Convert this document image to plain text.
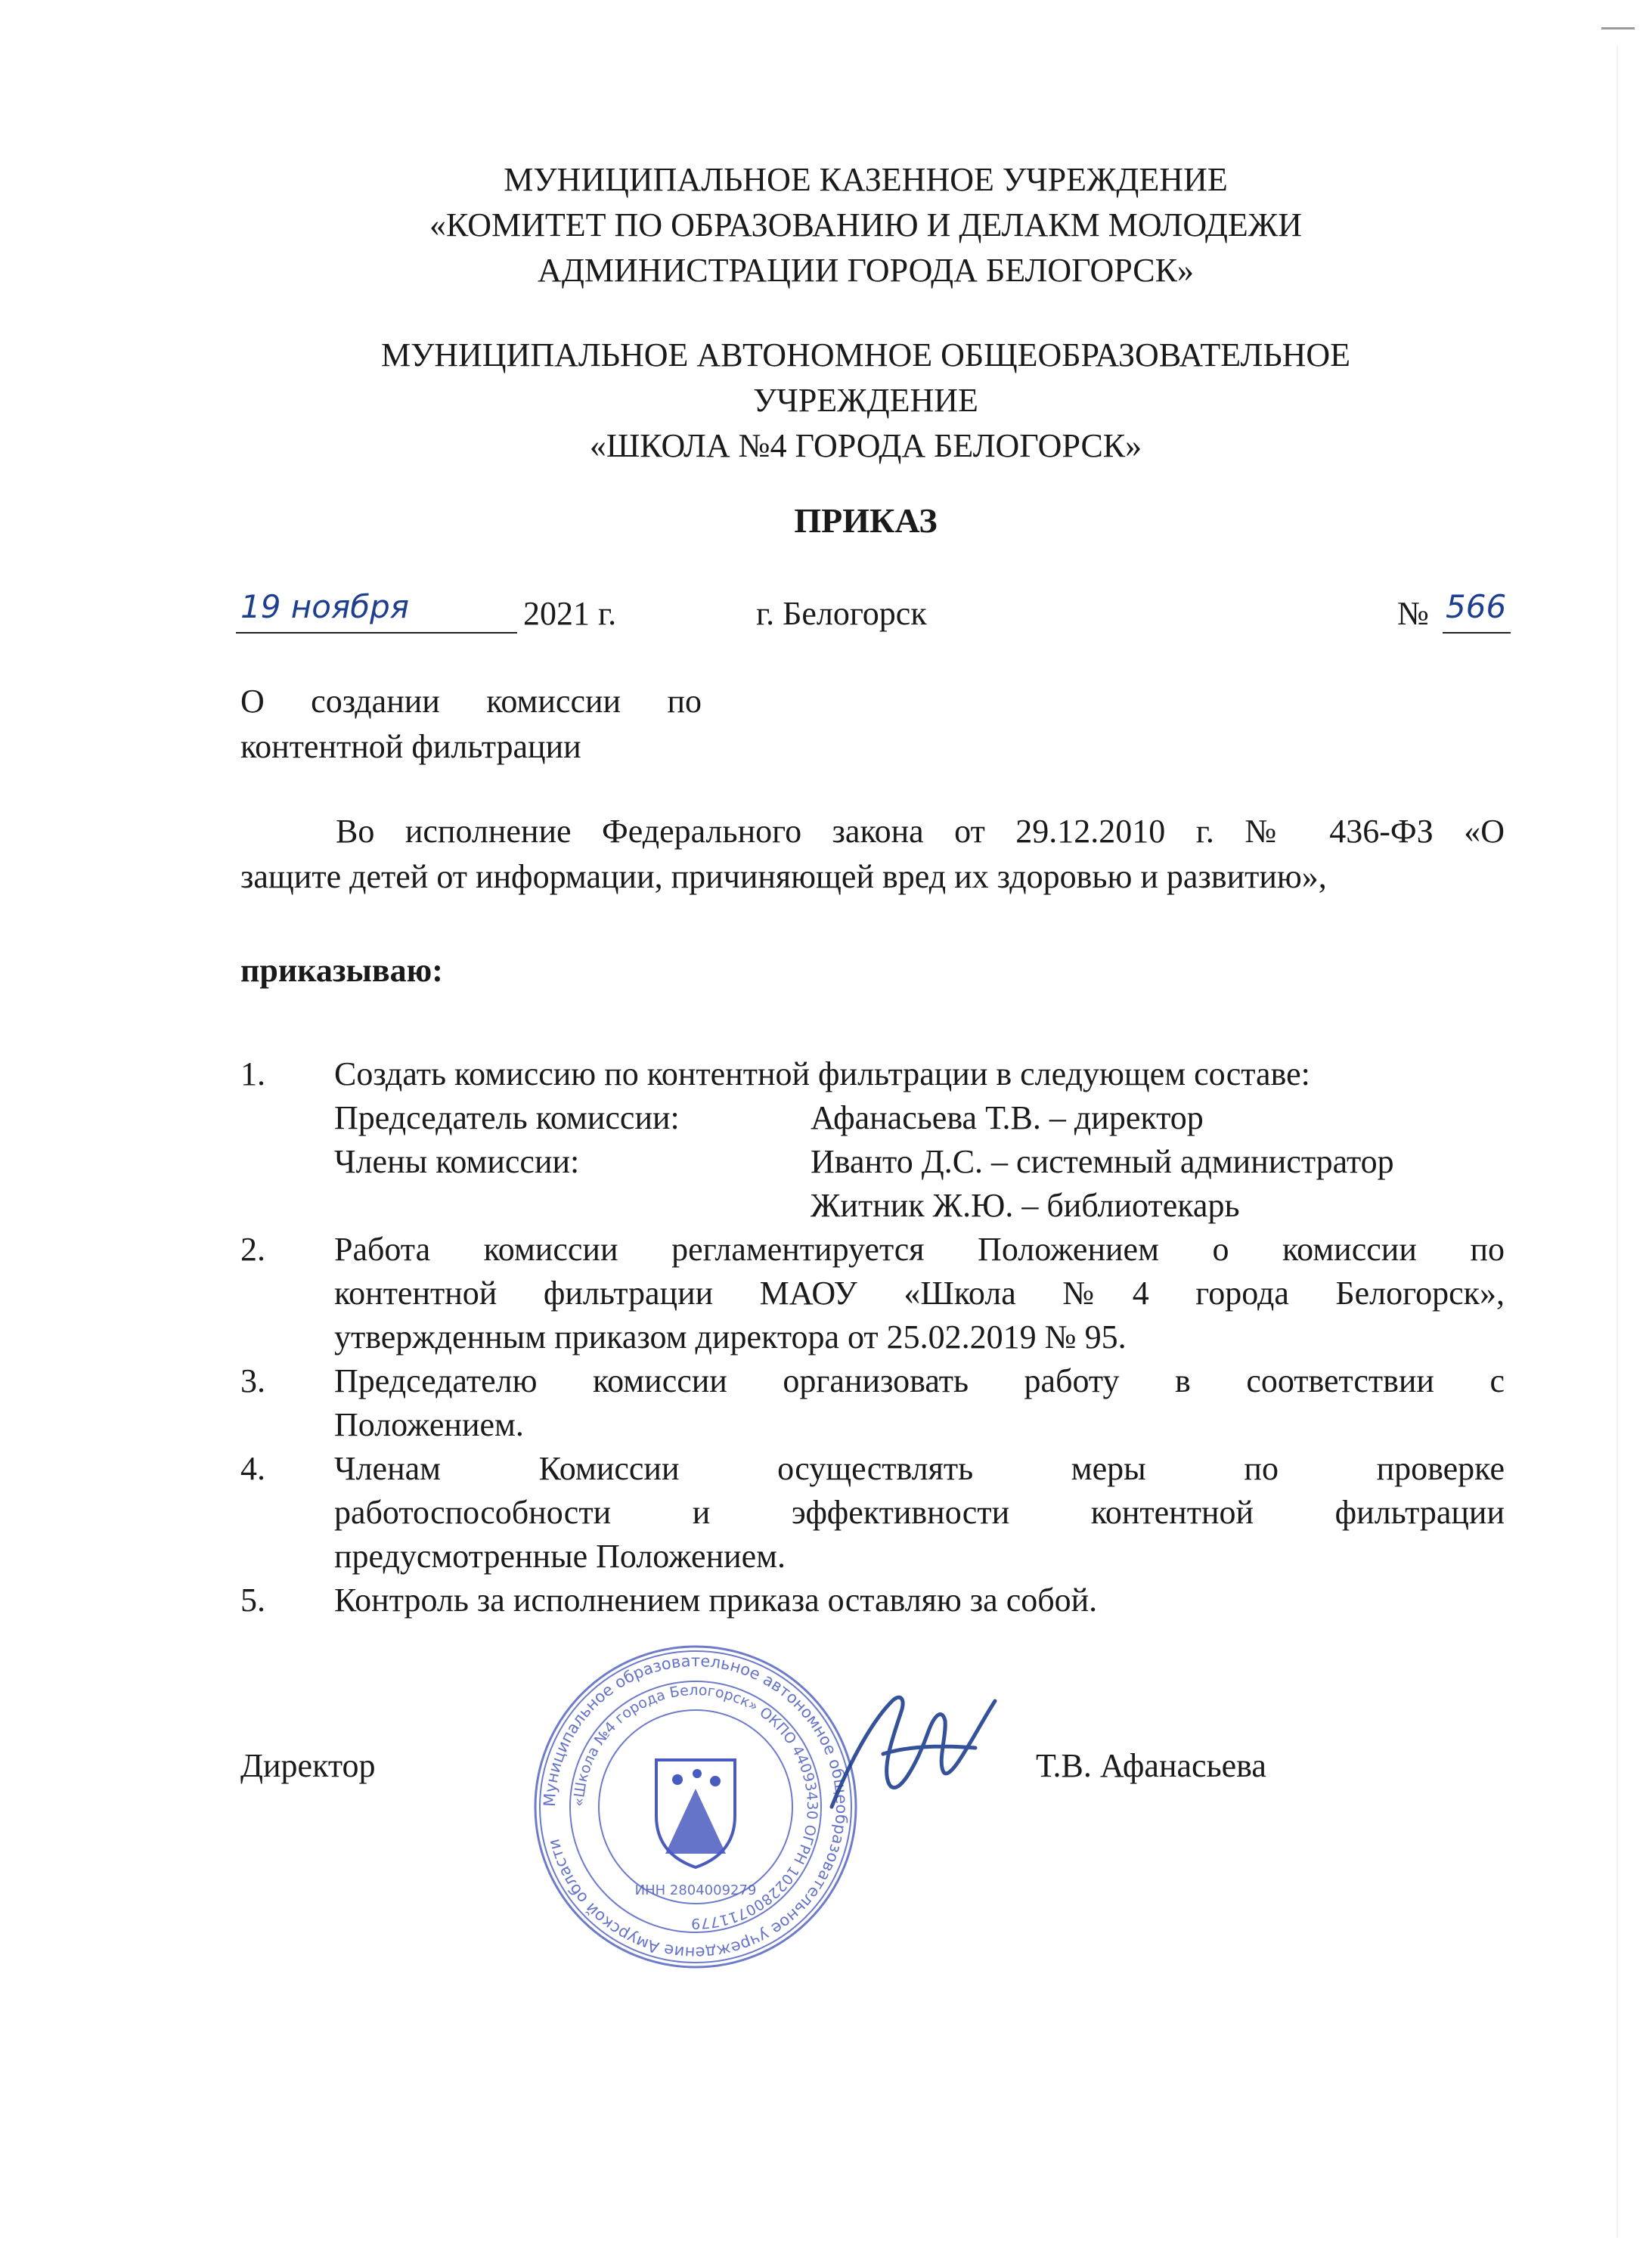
МУНИЦИПАЛЬНОЕ КАЗЕННОЕ УЧРЕЖДЕНИЕ
«КОМИТЕТ ПО ОБРАЗОВАНИЮ И ДЕЛАКМ МОЛОДЕЖИ
АДМИНИСТРАЦИИ ГОРОДА БЕЛОГОРСК»
МУНИЦИПАЛЬНОЕ АВТОНОМНОЕ ОБЩЕОБРАЗОВАТЕЛЬНОЕ
УЧРЕЖДЕНИЕ
«ШКОЛА №4 ГОРОДА БЕЛОГОРСК»
ПРИКАЗ
19 ноября	2021 г.	г. Белогорск	№ 566
О создании комиссии по
контентной фильтрации
Во исполнение Федерального закона от 29.12.2010 г. № 436-ФЗ «О
защите детей от информации, причиняющей вред их здоровью и развитию»,
приказываю:
1. Создать комиссию по контентной фильтрации в следующем составе:
Председатель комиссии:	Афанасьева Т.В. – директор
Члены комиссии:	Иванто Д.С. – системный администратор
Житник Ж.Ю. – библиотекарь
2. Работа комиссии регламентируется Положением о комиссии по
контентной фильтрации МАОУ «Школа №4 города Белогорск»,
утвержденным приказом директора от 25.02.2019 № 95.
3. Председателю комиссии организовать работу в соответствии с
Положением.
4. Членам Комиссии осуществлять меры по проверке
работоспособности и эффективности контентной фильтрации
предусмотренные Положением.
5. Контроль за исполнением приказа оставляю за собой.
Директор	Т.В. Афанасьева
Муниципальное образовательное автономное общеобразовательное учреждение Амурской области
«Школа №4 города Белогорск» ОКПО 44093430 ОГРН 1022800711779
ИНН 2804009279
